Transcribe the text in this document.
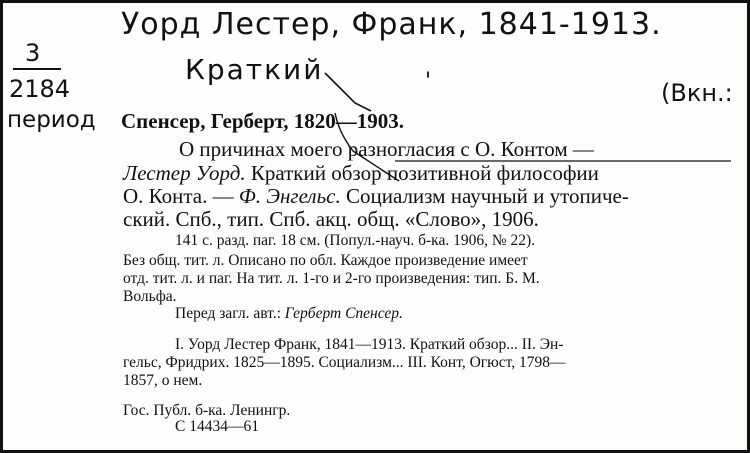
Уорд Лестер, Франк, 1841-1913.
Краткий	'
3
2184
период
(Вкн.:
Спенсер, Герберт, 1820—1903.
О причинах моего разногласия с О. Контом —
Лестер Уорд. Краткий обзор позитивной философии
О. Конта. — Ф. Энгельс. Социализм научный и утопиче-
ский. Спб., тип. Спб. акц. общ. «Слово», 1906.
141 с. разд. паг. 18 см. (Попул.-науч. б-ка. 1906, № 22).
Без общ. тит. л. Описано по обл. Каждое произведение имеет
отд. тит. л. и паг. На тит. л. 1-го и 2-го произведения: тип. Б. М.
Вольфа.
Перед загл. авт.: Герберт Спенсер.
I. Уорд Лестер Франк, 1841—1913. Краткий обзор... II. Эн-
гельс, Фридрих. 1825—1895. Социализм... III. Конт, Огюст, 1798—
1857, о нем.
Гос. Публ. б-ка. Ленингр.
С 14434—61
